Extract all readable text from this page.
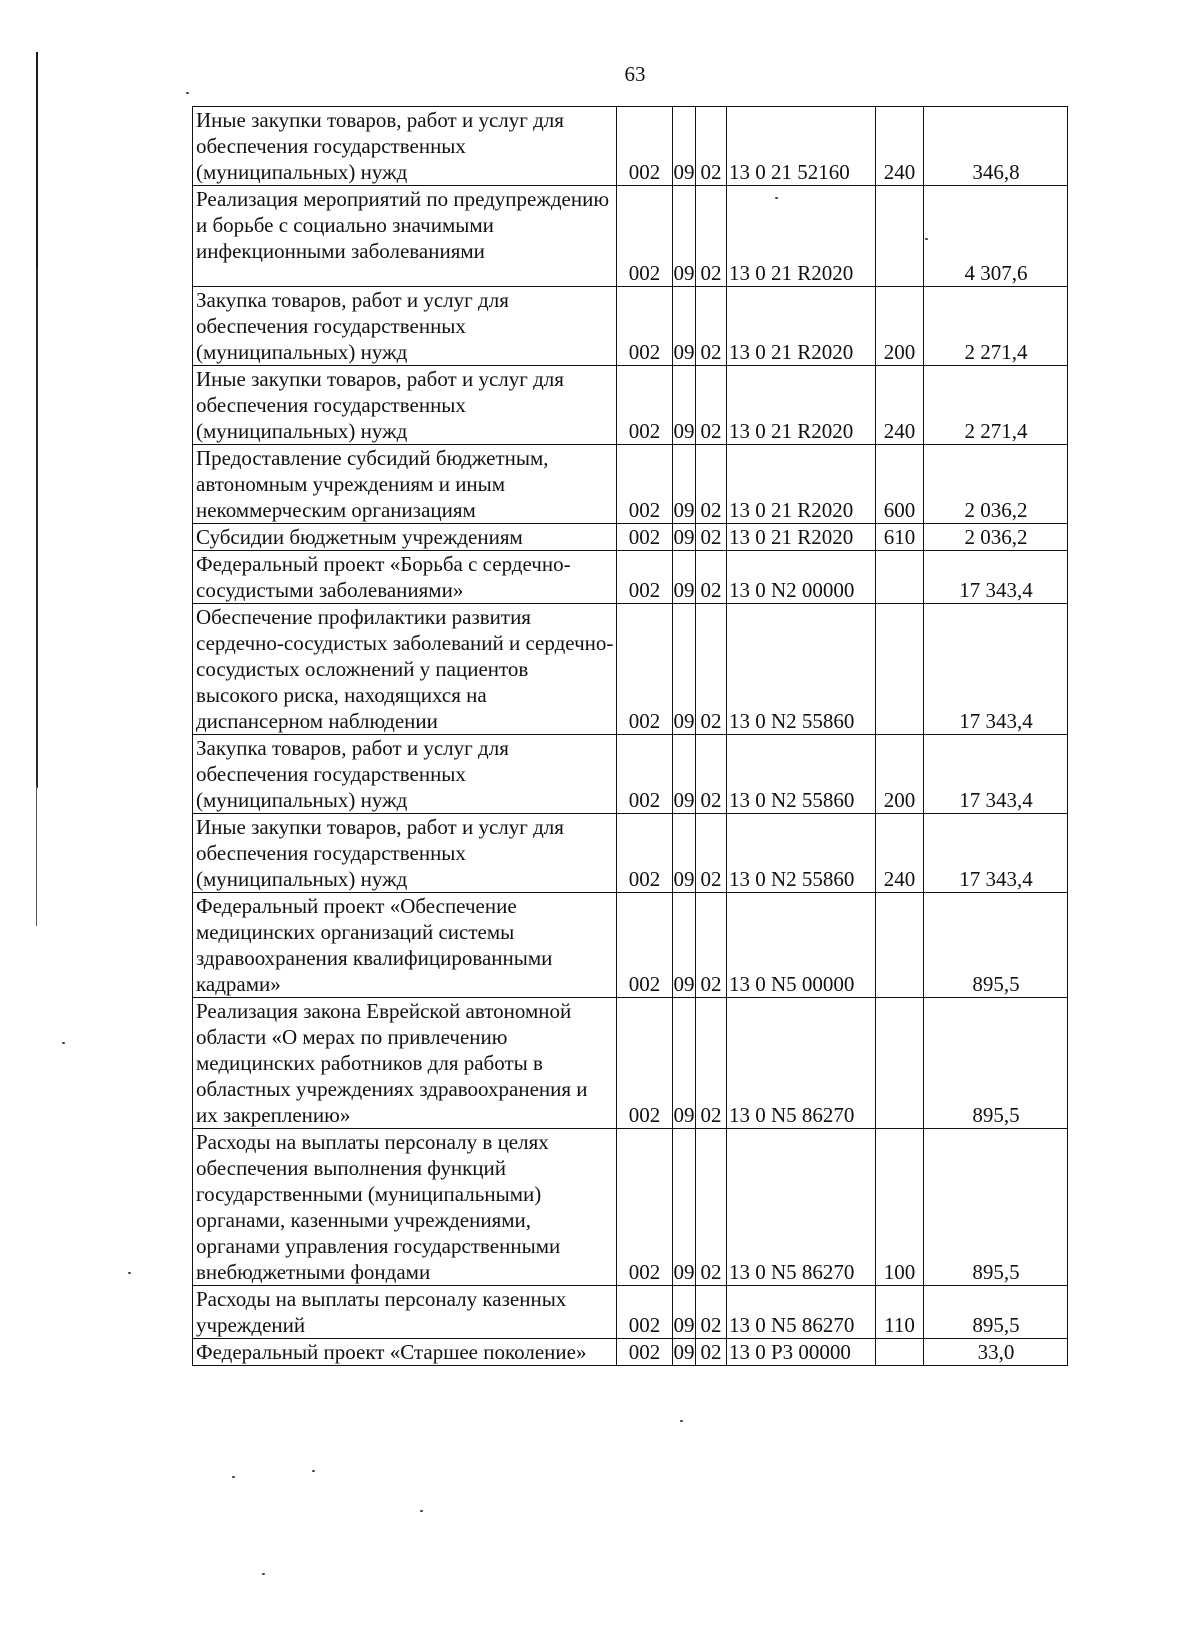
63
Иные закупки товаров, работ и услуг для обеспечения государственных (муниципальных) нужд	002	09	02	13 0 21 52160	240	346,8
Реализация мероприятий по предупреждению и борьбе с социально значимыми инфекционными заболеваниями	002	09	02	13 0 21 R2020		4 307,6
Закупка товаров, работ и услуг для обеспечения государственных (муниципальных) нужд	002	09	02	13 0 21 R2020	200	2 271,4
Иные закупки товаров, работ и услуг для обеспечения государственных (муниципальных) нужд	002	09	02	13 0 21 R2020	240	2 271,4
Предоставление субсидий бюджетным, автономным учреждениям и иным некоммерческим организациям	002	09	02	13 0 21 R2020	600	2 036,2
Субсидии бюджетным учреждениям	002	09	02	13 0 21 R2020	610	2 036,2
Федеральный проект «Борьба с сердечно-сосудистыми заболеваниями»	002	09	02	13 0 N2 00000		17 343,4
Обеспечение профилактики развития сердечно-сосудистых заболеваний и сердечно-сосудистых осложнений у пациентов высокого риска, находящихся на диспансерном наблюдении	002	09	02	13 0 N2 55860		17 343,4
Закупка товаров, работ и услуг для обеспечения государственных (муниципальных) нужд	002	09	02	13 0 N2 55860	200	17 343,4
Иные закупки товаров, работ и услуг для обеспечения государственных (муниципальных) нужд	002	09	02	13 0 N2 55860	240	17 343,4
Федеральный проект «Обеспечение медицинских организаций системы здравоохранения квалифицированными кадрами»	002	09	02	13 0 N5 00000		895,5
Реализация закона Еврейской автономной области «О мерах по привлечению медицинских работников для работы в областных учреждениях здравоохранения и их закреплению»	002	09	02	13 0 N5 86270		895,5
Расходы на выплаты персоналу в целях обеспечения выполнения функций государственными (муниципальными) органами, казенными учреждениями, органами управления государственными внебюджетными фондами	002	09	02	13 0 N5 86270	100	895,5
Расходы на выплаты персоналу казенных учреждений	002	09	02	13 0 N5 86270	110	895,5
Федеральный проект «Старшее поколение»	002	09	02	13 0 P3 00000		33,0
